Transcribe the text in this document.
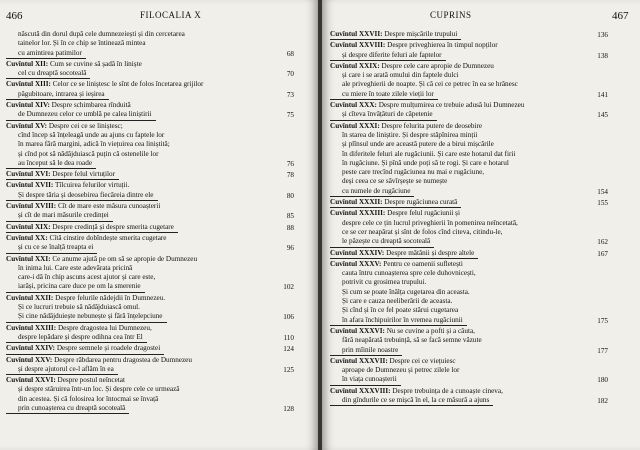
466	FILOCALIA X	CUPRINS	467
născută din dorul după cele dumnezeiești și din cercetarea
tainelor lor. Și în ce chip se întinează mintea
cu amintirea patimilor	68
Cuvîntul XII: Cum se cuvine să șadă în liniște
cel cu dreaptă socoteală	70
Cuvîntul XIII: Celor ce se liniștesc le sînt de folos încetarea grijilor
păgubitoare, intrarea și ieșirea	73
Cuvîntul XIV: Despre schimbarea rînduită
de Dumnezeu celor ce umblă pe calea liniștirii	75
Cuvîntul XV: Despre cei ce se liniștesc;
cînd încep să înțeleagă unde au ajuns cu faptele lor
în marea fără margini, adică în viețuirea cea liniștită;
și cînd pot să nădăjduiască puțin că ostenelile lor
au început să le dea roade	76
Cuvîntul XVI: Despre felul virtuților	78
Cuvîntul XVII: Tîlcuirea felurilor virtuții.
Și despre tăria și deosebirea fiecăreia dintre ele	80
Cuvîntul XVIII: Cît de mare este măsura cunoașterii
și cît de mari măsurile credinței	85
Cuvîntul XIX: Despre credință și despre smerita cugetare	88
Cuvîntul XX: Cîtă cinstire dobîndește smerita cugetare
și cu ce se înalță treapta ei	96
Cuvîntul XXI: Ce anume ajută pe om să se apropie de Dumnezeu
în inima lui. Care este adevărata pricină
care-i dă în chip ascuns acest ajutor și care este,
iarăși, pricina care duce pe om la smerenie	102
Cuvîntul XXII: Despre felurile nădejdii în Dumnezeu.
Și ce lucruri trebuie să nădăjduiască omul.
Și cine nădăjduiește nebunește și fără înțelepciune	106
Cuvîntul XXIII: Despre dragostea lui Dumnezeu,
despre lepădare și despre odihna cea într El	110
Cuvîntul XXIV: Despre semnele și roadele dragostei	124
Cuvîntul XXV: Despre răbdarea pentru dragostea de Dumnezeu
și despre ajutorul ce-l aflăm în ea	125
Cuvîntul XXVI: Despre postul neîncetat
și despre stăruirea într-un loc. Și despre cele ce urmează
din acestea. Și că folosirea lor întocmai se învață
prin cunoașterea cu dreaptă socoteală	128
Cuvîntul XXVII: Despre mișcările trupului	136
Cuvîntul XXVIII: Despre priveghierea în timpul nopților
și despre diferite feluri ale faptelor	138
Cuvîntul XXIX: Despre cele care apropie de Dumnezeu
și care i se arată omului din faptele dulci
ale priveghierii de noapte. Și că cei ce petrec în ea se hrănesc
cu miere în toate zilele vieții lor	141
Cuvîntul XXX: Despre mulțumirea ce trebuie adusă lui Dumnezeu
și cîteva învățături de căpetenie	145
Cuvîntul XXXI: Despre felurita putere de deosebire
în starea de liniștire. Și despre stăpînirea minții
și plînsul unde are această putere de a birui mișcările
în diferitele feluri ale rugăciunii. Și care este hotarul dat firii
în rugăciune. Și pînă unde poți să te rogi. Și care e hotarul
peste care trecînd rugăciunea nu mai e rugăciune,
deși ceea ce se săvîrșește se numește
cu numele de rugăciune	154
Cuvîntul XXXII: Despre rugăciunea curată	155
Cuvîntul XXXIII: Despre felul rugăciunii și
despre cele ce țin lucrul priveghierii în pomenirea neîncetată,
ce se cer neapărat și sînt de folos cînd citeva, citindu-le,
le păzește cu dreaptă socoteală	162
Cuvîntul XXXIV: Despre mătănii și despre altele	167
Cuvîntul XXXV: Pentru ce oamenii sufletești
cauta întru cunoașterea spre cele duhovnicești,
potrivit cu grosimea trupului.
Și cum se poate înălța cugetarea din aceasta.
Și care e cauza neeliberării de aceasta.
Și cînd și în ce fel poate stărui cugetarea
în afara închipuirilor în vremea rugăciunii	175
Cuvîntul XXXVI: Nu se cuvine a pofti și a căuta,
fără neapărată trebuință, să se facă semne văzute
prin mîinile noastre	177
Cuvîntul XXXVII: Despre cei ce viețuiesc
aproape de Dumnezeu și petrec zilele lor
în viața cunoașterii	180
Cuvîntul XXXVIII: Despre trebuința de a cunoaște cineva,
din gîndurile ce se mișcă în el, la ce măsură a ajuns	182
